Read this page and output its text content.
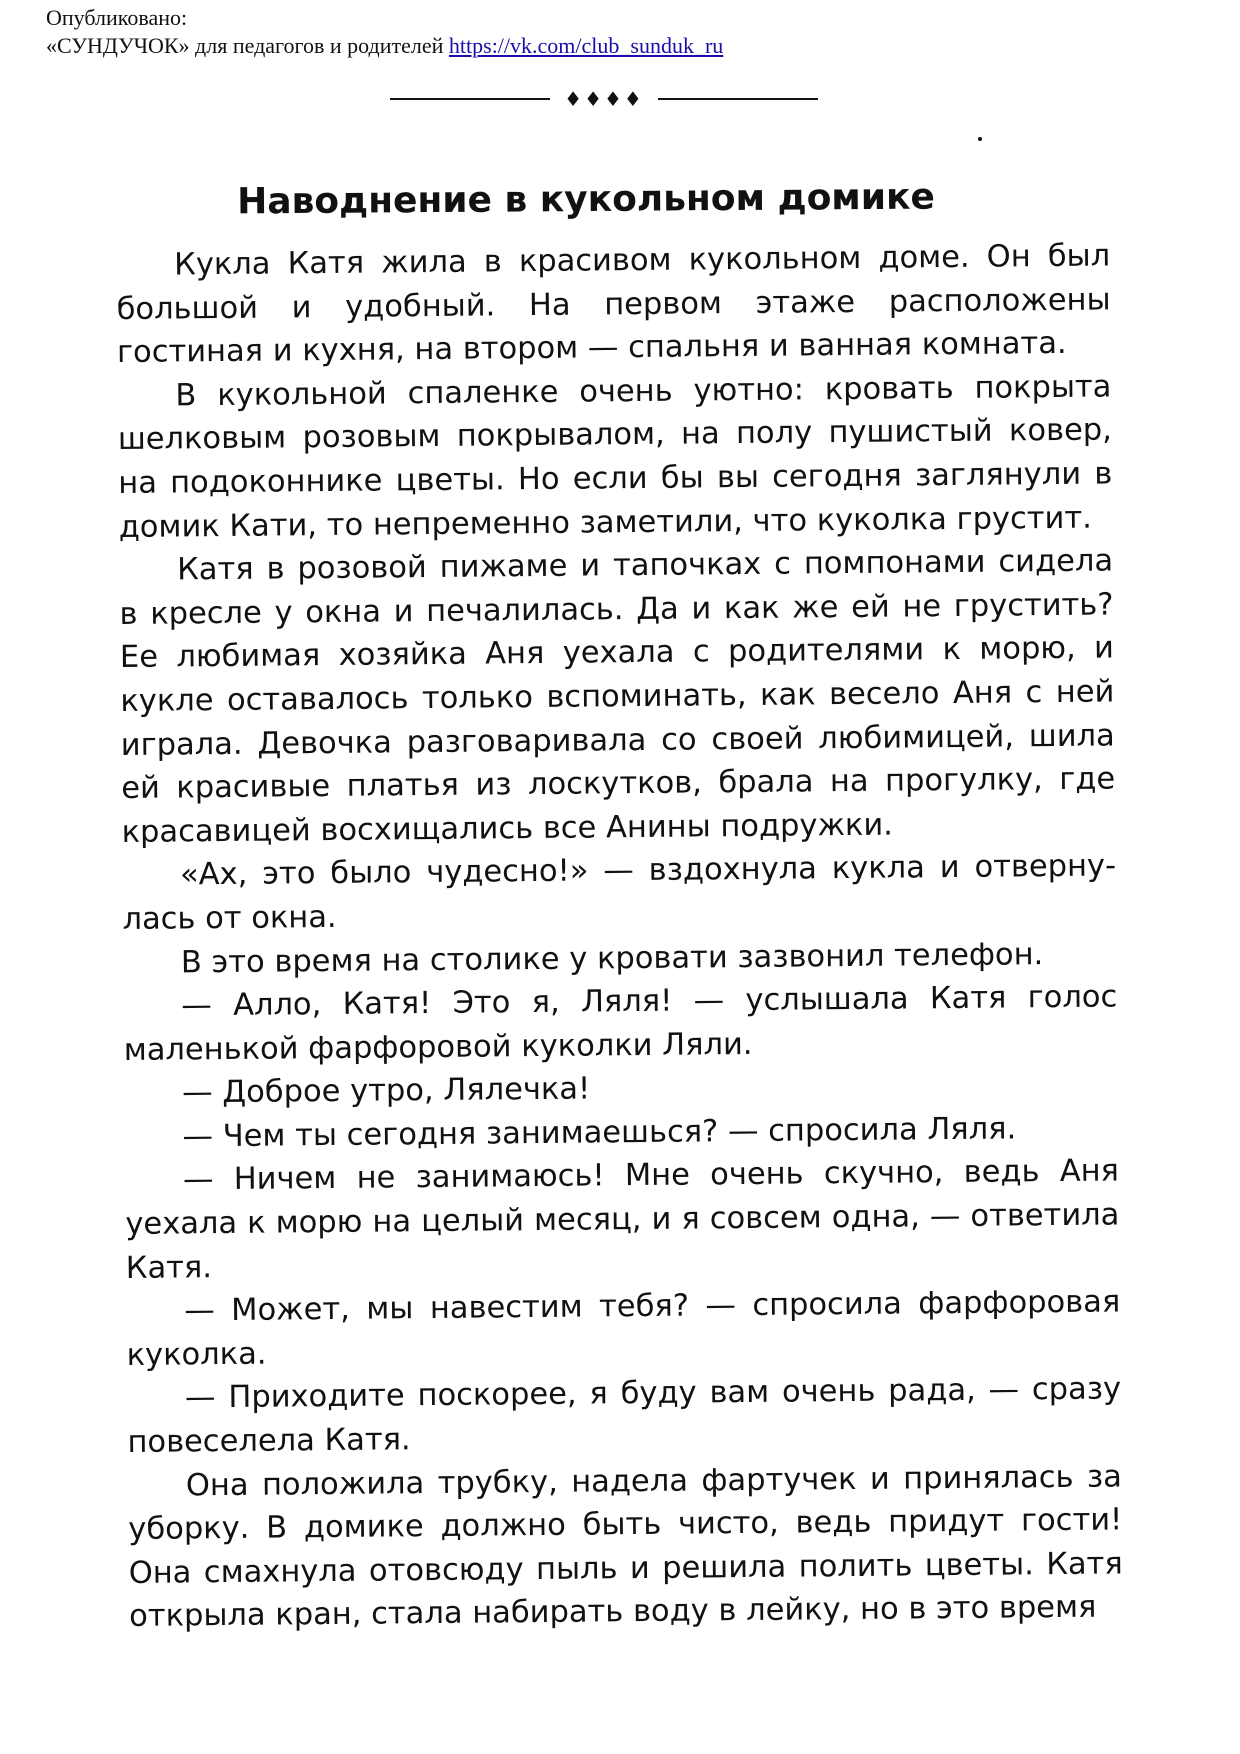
Опубликовано:
«СУНДУЧОК» для педагогов и родителей https://vk.com/club_sunduk_ru
♦♦♦♦
Наводнение в кукольном домике

Кукла Катя жила в красивом кукольном доме. Он был большой и удобный. На первом этаже расположены гостиная и кухня, на втором — спальня и ванная комната.

В кукольной спаленке очень уютно: кровать покрыта шелковым розовым покрывалом, на полу пушистый ковер, на подоконнике цветы. Но если бы вы сегодня заглянули в домик Кати, то непременно заметили, что куколка грустит.

Катя в розовой пижаме и тапочках с помпонами сидела в кресле у окна и печалилась. Да и как же ей не грустить? Ее любимая хозяйка Аня уехала с родителями к морю, и кукле оставалось только вспоминать, как весело Аня с ней играла. Девочка разговаривала со своей любимицей, шила ей красивые платья из лоскутков, брала на прогулку, где красавицей восхищались все Анины подружки.

«Ах, это было чудесно!» — вздохнула кукла и отвернулась от окна.

В это время на столике у кровати зазвонил телефон.

— Алло, Катя! Это я, Ляля! — услышала Катя голос маленькой фарфоровой куколки Ляли.

— Доброе утро, Лялечка!

— Чем ты сегодня занимаешься? — спросила Ляля.

— Ничем не занимаюсь! Мне очень скучно, ведь Аня уехала к морю на целый месяц, и я совсем одна, — ответила Катя.

— Может, мы навестим тебя? — спросила фарфоровая куколка.

— Приходите поскорее, я буду вам очень рада, — сразу повеселела Катя.

Она положила трубку, надела фартучек и принялась за уборку. В домике должно быть чисто, ведь придут гости! Она смахнула отовсюду пыль и решила полить цветы. Катя открыла кран, стала набирать воду в лейку, но в это время
